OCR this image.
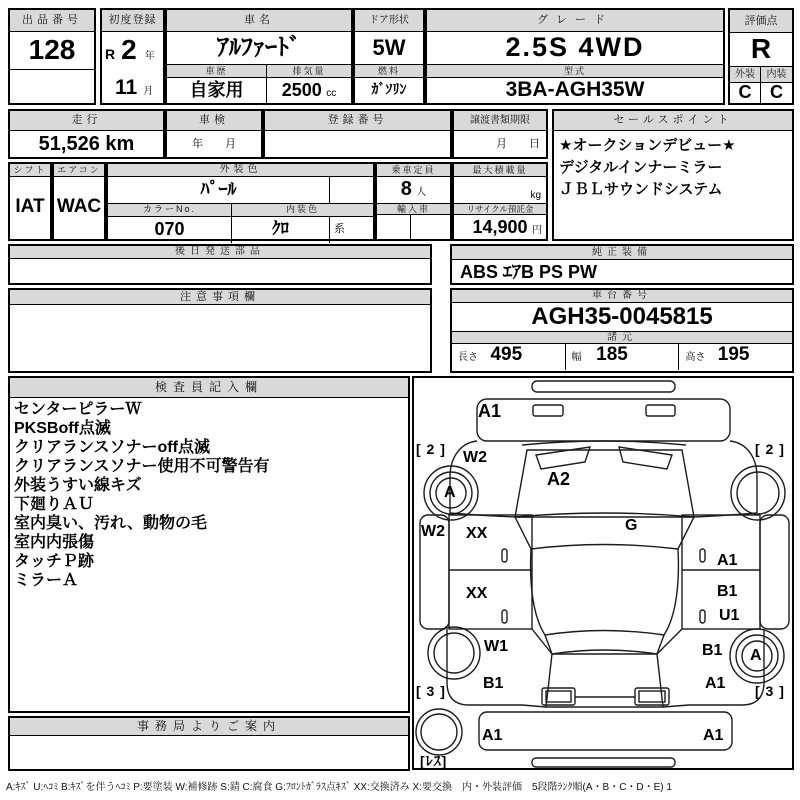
出品番号
128
初度登録
R 2 年
11 月
車名
ｱﾙﾌｧｰﾄﾞ
車歴
自家用
排気量
2500 cc
ドア形状
5W
燃料
ｶﾞｿﾘﾝ
グレード
2.5S 4WD
型式
3BA-AGH35W
評価点
R
外装
C
内装
C
走行
51,526 km
車検
年　　月
登録番号	譲渡書類期限
月　　日
セールスポイント
★オークションデビュー★
デジタルインナーミラー
ＪＢＬサウンドシステム
シフト
IAT
エアコン
WAC
外装色
ﾊﾟｰﾙ
カラーNo.	内装色
070	ｸﾛ	系
乗車定員
8 人
輸入車
最大積載量
kg
リサイクル預託金
14,900 円
後日発送部品	純正装備
ABS ｴｱB PS PW
注意事項欄	車台番号
AGH35-0045815
諸元
長さ 495	幅 185	高さ 195
検査員記入欄
センターピラーＷ
PKSBoff点滅
クリアランスソナーoff点滅
クリアランスソナー使用不可警告有
外装うすい線キズ
下廻りＡＵ
室内臭い、汚れ、動物の毛
室内内張傷
タッチＰ跡
ミラーＡ
事務局よりご案内
A1
[ 2 ] W2
A2
[ 2 ]
A
W2 XX	G
A1
XX	B1
U1
W1	B1 A
B1	A1
[ 3 ]	[ 3 ]
A1	A1
[ﾚｽ]
A:ｷｽﾞ U:ﾍｺﾐ B:ｷｽﾞを伴うﾍｺﾐ P:要塗装 W:補修跡 S:錆 C:腐食 G:ﾌﾛﾝﾄｶﾞﾗｽ点ｷｽﾞ XX:交換済み X:要交換　内・外装評価　5段階ﾗﾝｸ順(A・B・C・D・E) 1
